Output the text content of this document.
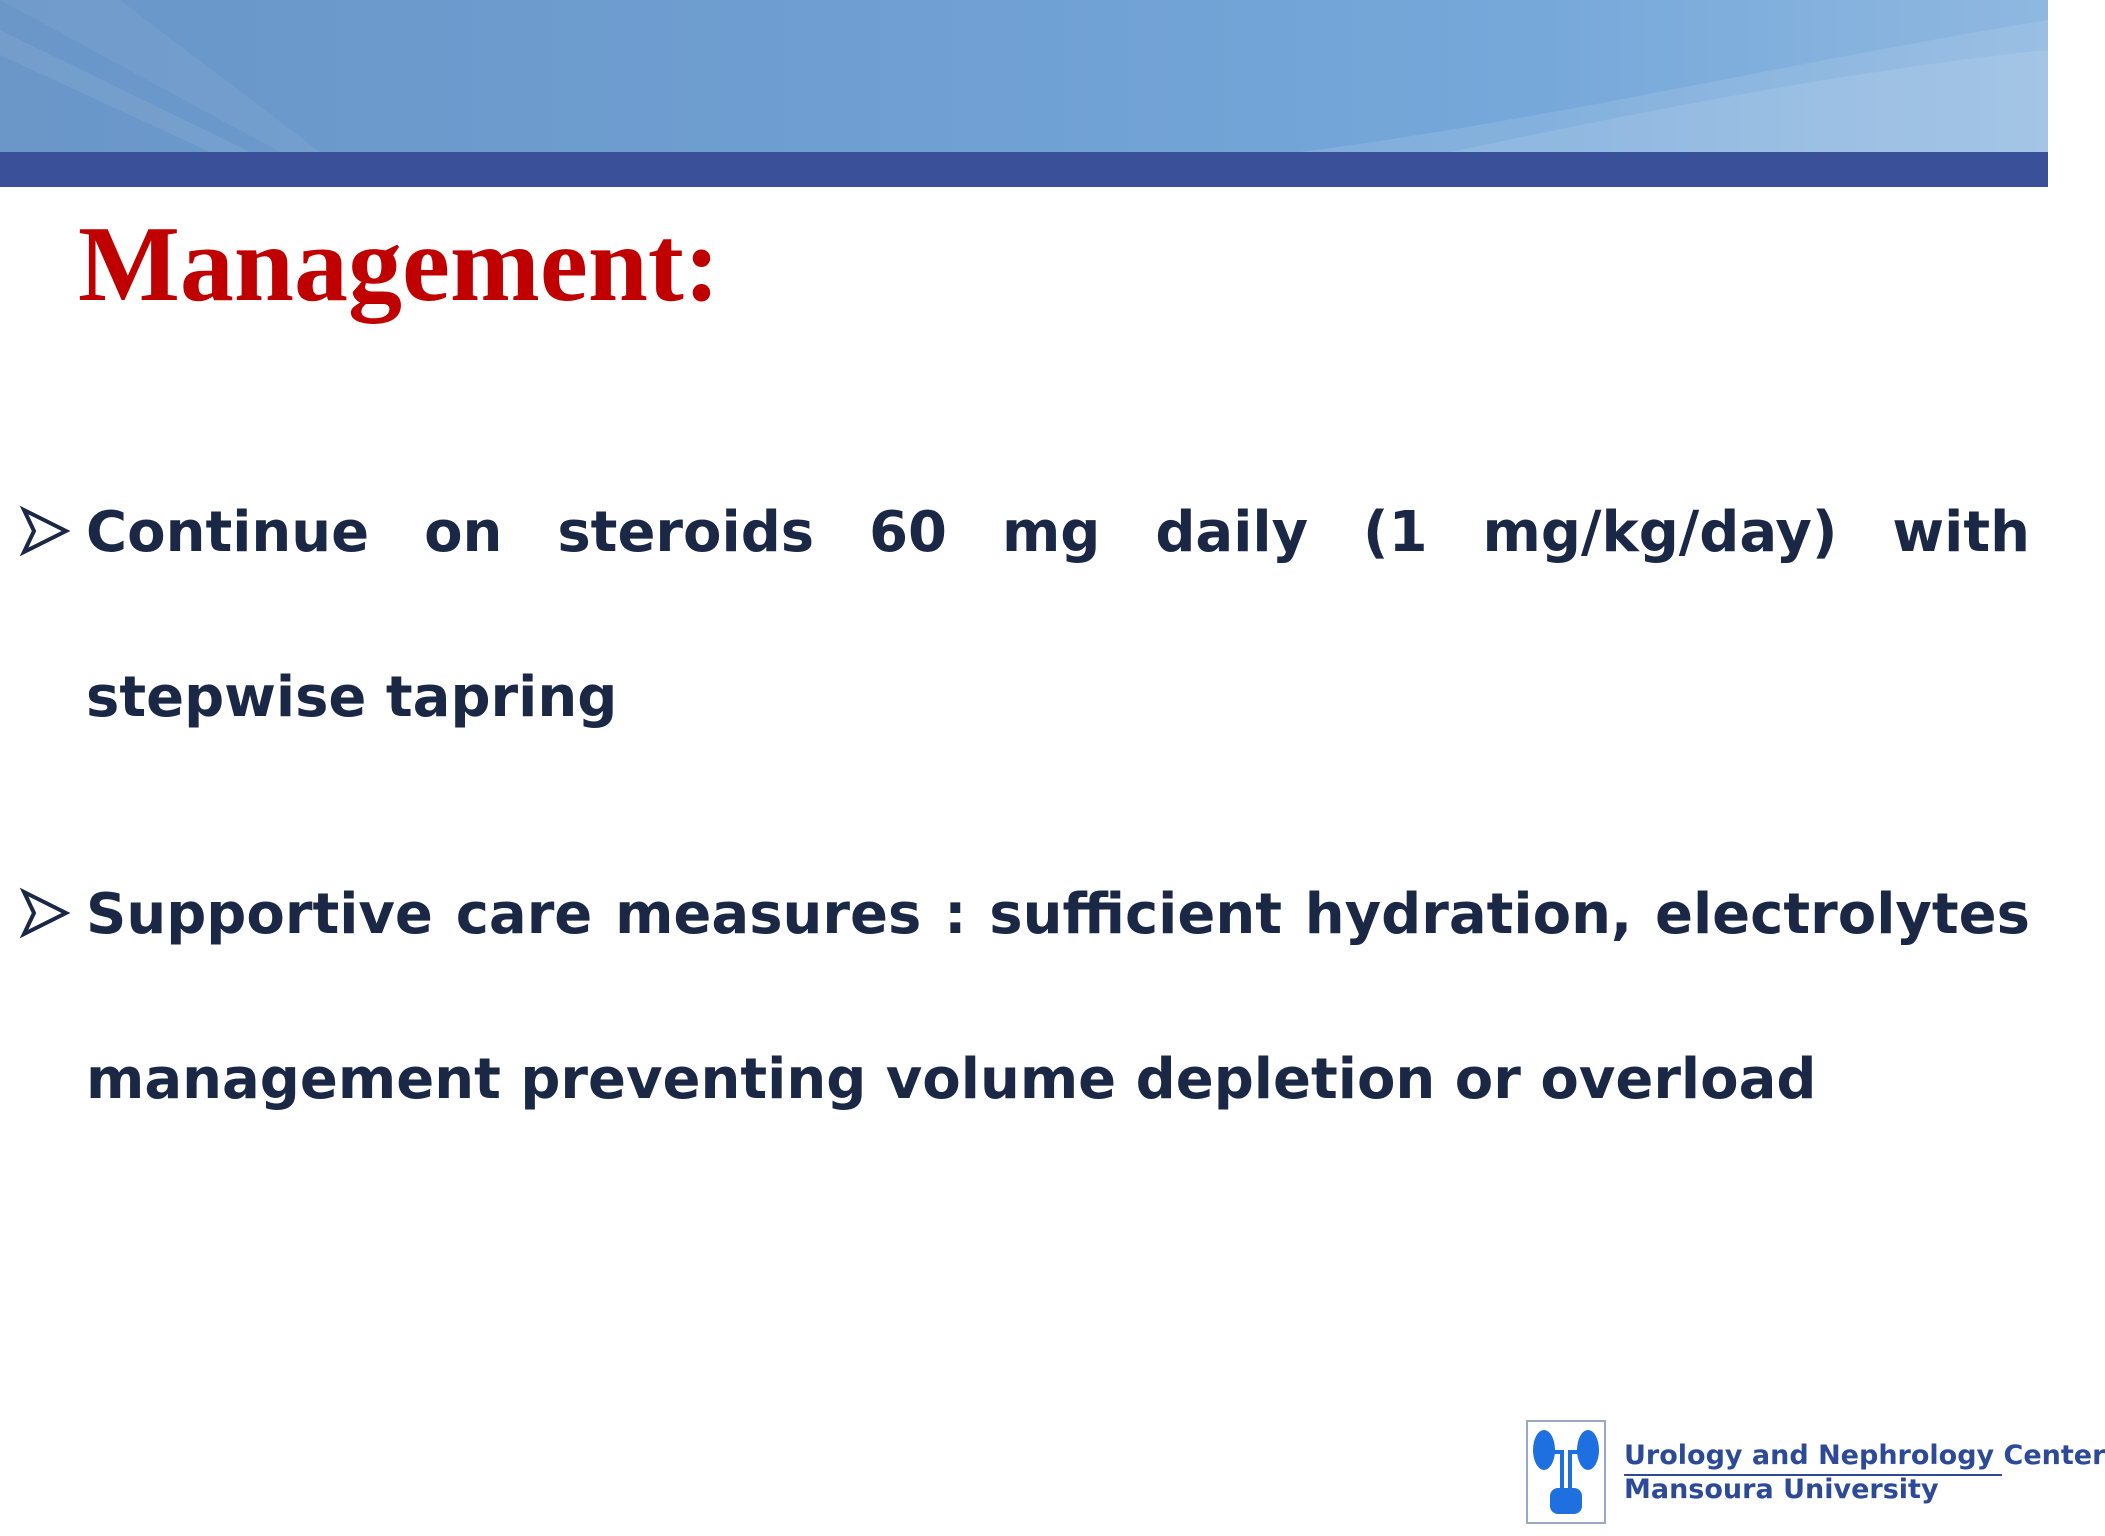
Management:

Continue on steroids 60 mg daily (1 mg/kg/day) with stepwise tapring

Supportive care measures : sufficient hydration, electrolytes management preventing volume depletion or overload

Urology and Nephrology Center
Mansoura University
